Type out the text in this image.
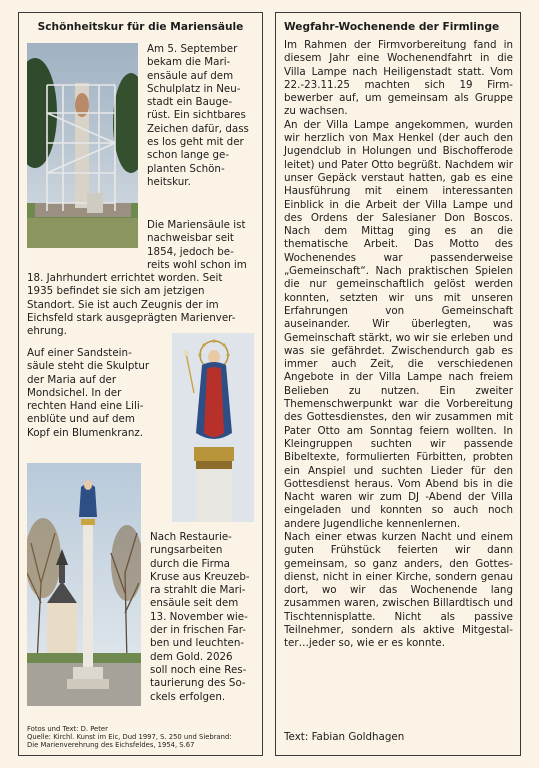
Schönheitskur für die Mariensäule
Am 5. September
bekam die Mari-
ensäule auf dem
Schulplatz in Neu-
stadt ein Bauge-
rüst. Ein sichtbares
Zeichen dafür, dass
es los geht mit der
schon lange ge-
planten Schön-
heitskur.
Die Mariensäule ist
nachweisbar seit
1854, jedoch be-
reits wohl schon im
18. Jahrhundert errichtet worden. Seit
1935 befindet sie sich am jetzigen
Standort. Sie ist auch Zeugnis der im
Eichsfeld stark ausgeprägten Marienver-
ehrung.
Auf einer Sandstein-
säule steht die Skulptur
der Maria auf der
Mondsichel. In der
rechten Hand eine Lili-
enblüte und auf dem
Kopf ein Blumenkranz.
Nach Restaurie-
rungsarbeiten
durch die Firma
Kruse aus Kreuzeb-
ra strahlt die Mari-
ensäule seit dem
13. November wie-
der in frischen Far-
ben und leuchten-
dem Gold. 2026
soll noch eine Res-
taurierung des So-
ckels erfolgen.
Fotos und Text: D. Peter
Quelle: Kirchl. Kunst im Eic, Dud 1997, S. 250 und Siebrand:
Die Marienverehrung des Eichsfeldes, 1954, S.67
Wegfahr-Wochenende der Firmlinge

Im Rahmen der Firmvorbereitung fand in diesem Jahr eine Wochenendfahrt in die Villa Lampe nach Heiligenstadt statt. Vom 22.-23.11.25 machten sich 19 Firmbewerber auf, um gemeinsam als Gruppe zu wachsen.

An der Villa Lampe angekommen, wurden wir herzlich von Max Henkel (der auch den Jugendclub in Holungen und Bischofferode leitet) und Pater Otto begrüßt. Nachdem wir unser Gepäck verstaut hatten, gab es eine Hausführung mit einem interessanten Einblick in die Arbeit der Villa Lampe und des Ordens der Salesianer Don Boscos. Nach dem Mittag ging es an die thematische Arbeit. Das Motto des Wochenendes war passenderweise „Gemeinschaft“. Nach praktischen Spielen die nur gemeinschaftlich gelöst werden konnten, setzten wir uns mit unseren Erfahrungen von Gemeinschaft auseinander. Wir überlegten, was Gemeinschaft stärkt, wo wir sie erleben und was sie gefährdet. Zwischendurch gab es immer auch Zeit, die verschiedenen Angebote in der Villa Lampe nach freiem Belieben zu nutzen. Ein zweiter Themenschwerpunkt war die Vorbereitung des Gottesdienstes, den wir zusammen mit Pater Otto am Sonntag feiern wollten. In Kleingruppen suchten wir passende Bibeltexte, formulierten Fürbitten, probten ein Anspiel und suchten Lieder für den Gottesdienst heraus. Vom Abend bis in die Nacht waren wir zum DJ -Abend der Villa eingeladen und konnten so auch noch andere Jugendliche kennenlernen.

Nach einer etwas kurzen Nacht und einem guten Frühstück feierten wir dann gemeinsam, so ganz anders, den Gottesdienst, nicht in einer Kirche, sondern genau dort, wo wir das Wochenende lang zusammen waren, zwischen Billardtisch und Tischtennisplatte. Nicht als passive Teilnehmer, sondern als aktive Mitgestalter…jeder so, wie er es konnte.

Text: Fabian Goldhagen
